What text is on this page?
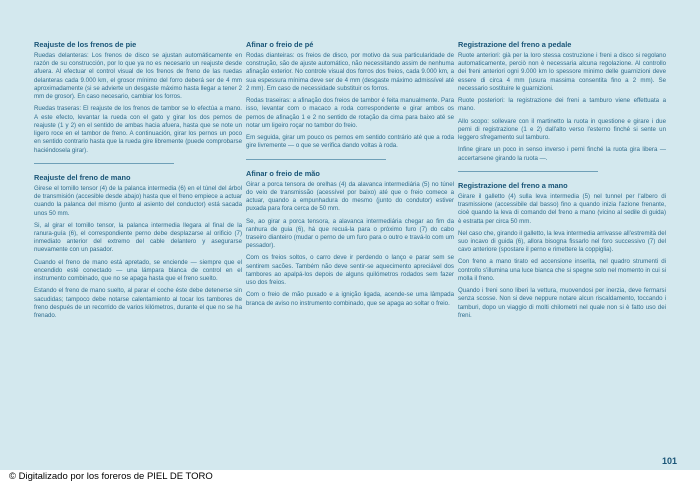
Reajuste de los frenos de pie

Ruedas delanteras: Los frenos de disco se ajustan automáticamente en razón de su construcción, por lo que ya no es necesario un reajuste desde afuera. Al efectuar el control visual de los frenos de freno de las ruedas delanteras cada 9.000 km, el grosor mínimo del forro deberá ser de 4 mm aproximadamente (si se advierte un desgaste máximo hasta llegar a tener 2 mm de grosor). En caso necesario, cambiar los forros.

Ruedas traseras: El reajuste de los frenos de tambor se lo efectúa a mano. A este efecto, levantar la rueda con el gato y girar los dos pernos de reajuste (1 y 2) en el sentido de ambas hacia afuera, hasta que se note un ligero roce en el tambor de freno. A continuación, girar los pernos un poco en sentido contrario hasta que la rueda gire libremente (puede comprobarse haciéndosela girar).

Reajuste del freno de mano

Girese el tornillo tensor (4) de la palanca intermedia (6) en el túnel del árbol de transmisión (accesible desde abajo) hasta que el freno empiece a actuar cuando la palanca del mismo (junto al asiento del conductor) está sacada unos 50 mm.

Si, al girar el tornillo tensor, la palanca intermedia llegara al final de la ranura-guía (6), el correspondiente perno debe desplazarse al orificio (7) inmediato anterior del extremo del cable delantero y asegurarse nuevamente con un pasador.

Cuando el freno de mano está apretado, se enciende — siempre que el encendido esté conectado — una lámpara blanca de control en el instrumento combinado, que no se apaga hasta que el freno suelto.

Estando el freno de mano suelto, al parar el coche éste debe detenerse sin sacudidas; tampoco debe notarse calentamiento al tocar los tambores de freno después de un recorrido de varios kilómetros, durante el que no se ha frenado.

Afinar o freio de pé

Rodas dianteiras: os freios de disco, por motivo da sua particularidade de construção, são de ajuste automático, não necessitando assim de nenhuma afinação exterior. No controle visual dos forros dos freios, cada 9.000 km, a sua espessura mínima deve ser de 4 mm (desgaste máximo admissível até 2 mm). Em caso de necessidade substituir os forros.

Rodas traseiras: a afinação dos freios de tambor é feita manualmente. Para isso, levantar com o macaco a roda correspondente e girar ambos os pernos de afinação 1 e 2 no sentido de rotação da cima para baixo até se notar um ligeiro roçar no tambor do freio.

Em seguida, girar um pouco os pernos em sentido contrário até que a roda gire livremente — o que se verifica dando voltas à roda.

Afinar o freio de mão

Girar a porca tensora de orelhas (4) da alavanca intermediária (5) no túnel do veio de transmissão (acessível por baixo) até que o freio comece a actuar, quando a empunhadura do mesmo (junto do condutor) estiver puxada para fora cerca de 50 mm.

Se, ao girar a porca tensora, a alavanca intermediária chegar ao fim da ranhura de guia (6), há que recuá-la para o próximo furo (7) do cabo traseiro dianteiro (mudar o perno de um furo para o outro e travá-lo com um pessador).

Com os freios soltos, o carro deve ir perdendo o lanço e parar sem se sentirem sacões. Também não deve sentir-se aquecimento apreciável dos tambores ao apalpá-los depois de alguns quilómetros rodados sem fazer uso dos freios.

Com o freio de mão puxado e a ignição ligada, acende-se uma lâmpada branca de aviso no instrumento combinado, que se apaga ao soltar o freio.

Registrazione del freno a pedale

Ruote anteriori: già per la loro stessa costruzione i freni a disco si regolano automaticamente, perciò non è necessaria alcuna regolazione. Al controllo dei freni anteriori ogni 9.000 km lo spessore minimo delle guarnizioni deve essere di circa 4 mm (usura massima consentita fino a 2 mm). Se necessario sostituire le guarnizioni.

Ruote posteriori: la registrazione dei freni a tamburo viene effettuata a mano.

Allo scopo: sollevare con il martinetto la ruota in questione e girare i due perni di registrazione (1 e 2) dall'alto verso l'esterno finché si sente un leggero sfregamento sul tamburo.

Infine girare un poco in senso inverso i perni finché la ruota gira libera — accertarsene girando la ruota —.

Registrazione del freno a mano

Girare il galletto (4) sulla leva intermedia (5) nel tunnel per l'albero di trasmissione (accessibile dal basso) fino a quando inizia l'azione frenante, cioè quando la leva di comando del freno a mano (vicino al sedile di guida) è estratta per circa 50 mm.

Nel caso che, girando il galletto, la leva intermedia arrivasse all'estremità del suo incavo di guida (6), allora bisogna fissarlo nel foro successivo (7) del cavo anteriore (spostare il perno e rimettere la coppiglia).

Con freno a mano tirato ed accensione inserita, nel quadro strumenti di controllo s'illumina una luce bianca che si spegne solo nel momento in cui si molla il freno.

Quando i freni sono liberi la vettura, muovendosi per inerzia, deve fermarsi senza scosse. Non si deve neppure notare alcun riscaldamento, toccando i tamburi, dopo un viaggio di molti chilometri nel quale non si è fatto uso dei freni.

101
© Digitalizado por los foreros de PIEL DE TORO
